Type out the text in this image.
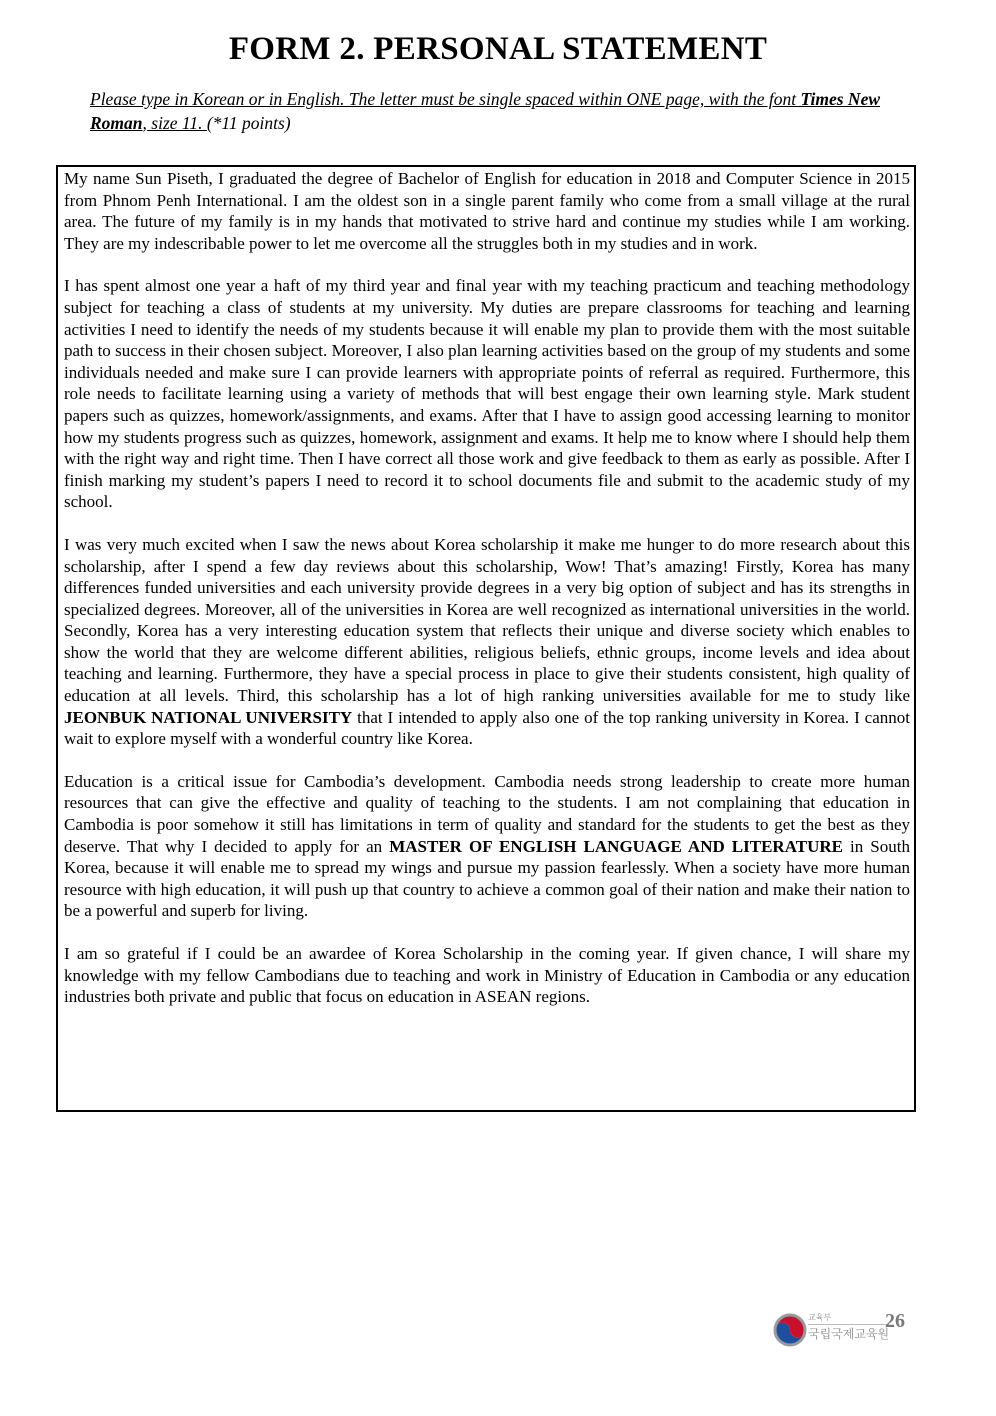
FORM 2. PERSONAL STATEMENT

Please type in Korean or in English. The letter must be single spaced within ONE page, with the font Times New Roman, size 11. (*11 points)

My name Sun Piseth, I graduated the degree of Bachelor of English for education in 2018 and Computer Science in 2015 from Phnom Penh International. I am the oldest son in a single parent family who come from a small village at the rural area. The future of my family is in my hands that motivated to strive hard and continue my studies while I am working. They are my indescribable power to let me overcome all the struggles both in my studies and in work.

I has spent almost one year a haft of my third year and final year with my teaching practicum and teaching methodology subject for teaching a class of students at my university. My duties are prepare classrooms for teaching and learning activities I need to identify the needs of my students because it will enable my plan to provide them with the most suitable path to success in their chosen subject. Moreover, I also plan learning activities based on the group of my students and some individuals needed and make sure I can provide learners with appropriate points of referral as required. Furthermore, this role needs to facilitate learning using a variety of methods that will best engage their own learning style. Mark student papers such as quizzes, homework/assignments, and exams. After that I have to assign good accessing learning to monitor how my students progress such as quizzes, homework, assignment and exams. It help me to know where I should help them with the right way and right time. Then I have correct all those work and give feedback to them as early as possible. After I finish marking my student’s papers I need to record it to school documents file and submit to the academic study of my school.

I was very much excited when I saw the news about Korea scholarship it make me hunger to do more research about this scholarship, after I spend a few day reviews about this scholarship, Wow! That’s amazing! Firstly, Korea has many differences funded universities and each university provide degrees in a very big option of subject and has its strengths in specialized degrees. Moreover, all of the universities in Korea are well recognized as international universities in the world. Secondly, Korea has a very interesting education system that reflects their unique and diverse society which enables to show the world that they are welcome different abilities, religious beliefs, ethnic groups, income levels and idea about teaching and learning. Furthermore, they have a special process in place to give their students consistent, high quality of education at all levels. Third, this scholarship has a lot of high ranking universities available for me to study like JEONBUK NATIONAL UNIVERSITY that I intended to apply also one of the top ranking university in Korea. I cannot wait to explore myself with a wonderful country like Korea.

Education is a critical issue for Cambodia’s development. Cambodia needs strong leadership to create more human resources that can give the effective and quality of teaching to the students. I am not complaining that education in Cambodia is poor somehow it still has limitations in term of quality and standard for the students to get the best as they deserve. That why I decided to apply for an MASTER OF ENGLISH LANGUAGE AND LITERATURE in South Korea, because it will enable me to spread my wings and pursue my passion fearlessly. When a society have more human resource with high education, it will push up that country to achieve a common goal of their nation and make their nation to be a powerful and superb for living.

I am so grateful if I could be an awardee of Korea Scholarship in the coming year. If given chance, I will share my knowledge with my fellow Cambodians due to teaching and work in Ministry of Education in Cambodia or any education industries both private and public that focus on education in ASEAN regions.

교육부
국립국제교육원
26
